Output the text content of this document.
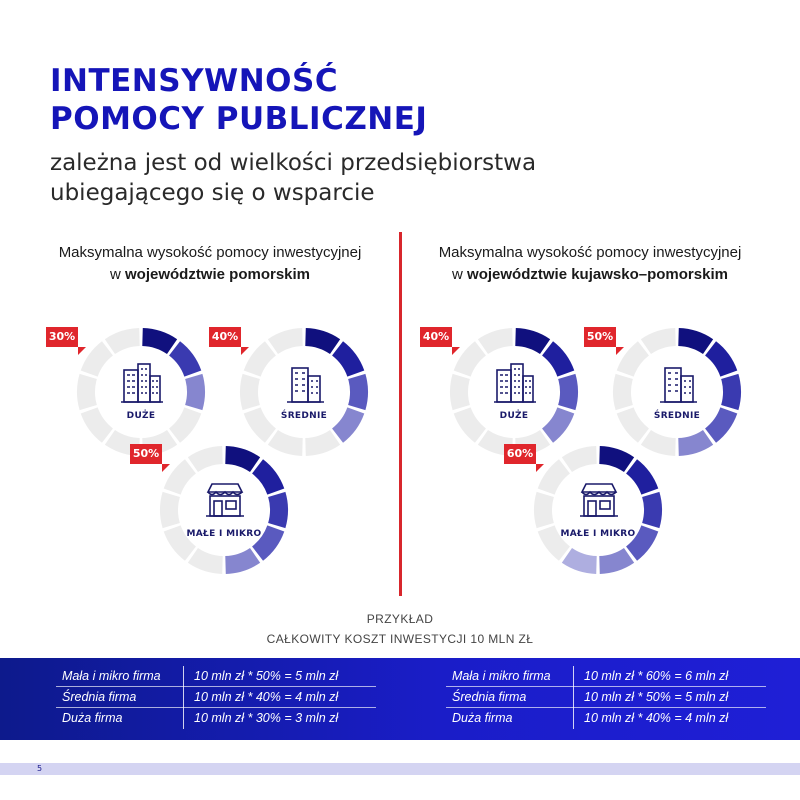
INTENSYWNOŚĆ
POMOCY PUBLICZNEJ
zależna jest od wielkości przedsiębiorstwa
ubiegającego się o wsparcie
Maksymalna wysokość pomocy inwestycyjnej
w województwie pomorskim
Maksymalna wysokość pomocy inwestycyjnej
w województwie kujawsko–pomorskim
DUŻE
30%
ŚREDNIE
40%
MAŁE I MIKRO
50%
DUŻE
40%
ŚREDNIE
50%
MAŁE I MIKRO
60%
PRZYKŁAD
CAŁKOWITY KOSZT INWESTYCJI 10 MLN ZŁ
Mała i mikro firma	10 mln zł * 50% = 5 mln zł
Średnia firma	10 mln zł * 40% = 4 mln zł
Duża firma	10 mln zł * 30% = 3 mln zł
Mała i mikro firma	10 mln zł * 60% = 6 mln zł
Średnia firma	10 mln zł * 50% = 5 mln zł
Duża firma	10 mln zł * 40% = 4 mln zł
5
